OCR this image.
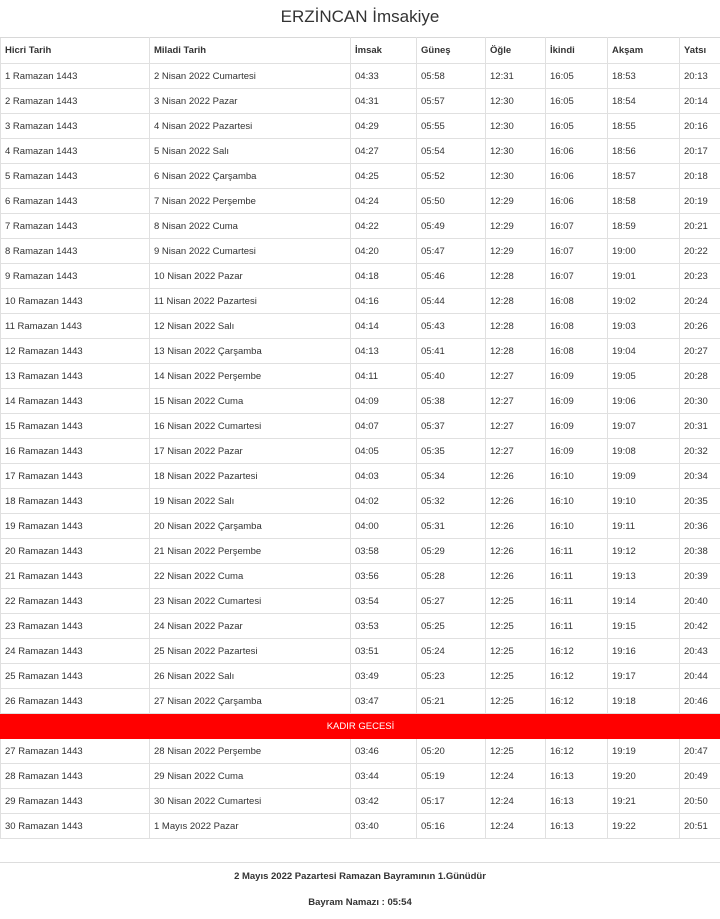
ERZİNCAN İmsakiye
Hicri Tarih	Miladi Tarih	İmsak	Güneş	Öğle	İkindi	Akşam	Yatsı
1 Ramazan 1443	2 Nisan 2022 Cumartesi	04:33	05:58	12:31	16:05	18:53	20:13
2 Ramazan 1443	3 Nisan 2022 Pazar	04:31	05:57	12:30	16:05	18:54	20:14
3 Ramazan 1443	4 Nisan 2022 Pazartesi	04:29	05:55	12:30	16:05	18:55	20:16
4 Ramazan 1443	5 Nisan 2022 Salı	04:27	05:54	12:30	16:06	18:56	20:17
5 Ramazan 1443	6 Nisan 2022 Çarşamba	04:25	05:52	12:30	16:06	18:57	20:18
6 Ramazan 1443	7 Nisan 2022 Perşembe	04:24	05:50	12:29	16:06	18:58	20:19
7 Ramazan 1443	8 Nisan 2022 Cuma	04:22	05:49	12:29	16:07	18:59	20:21
8 Ramazan 1443	9 Nisan 2022 Cumartesi	04:20	05:47	12:29	16:07	19:00	20:22
9 Ramazan 1443	10 Nisan 2022 Pazar	04:18	05:46	12:28	16:07	19:01	20:23
10 Ramazan 1443	11 Nisan 2022 Pazartesi	04:16	05:44	12:28	16:08	19:02	20:24
11 Ramazan 1443	12 Nisan 2022 Salı	04:14	05:43	12:28	16:08	19:03	20:26
12 Ramazan 1443	13 Nisan 2022 Çarşamba	04:13	05:41	12:28	16:08	19:04	20:27
13 Ramazan 1443	14 Nisan 2022 Perşembe	04:11	05:40	12:27	16:09	19:05	20:28
14 Ramazan 1443	15 Nisan 2022 Cuma	04:09	05:38	12:27	16:09	19:06	20:30
15 Ramazan 1443	16 Nisan 2022 Cumartesi	04:07	05:37	12:27	16:09	19:07	20:31
16 Ramazan 1443	17 Nisan 2022 Pazar	04:05	05:35	12:27	16:09	19:08	20:32
17 Ramazan 1443	18 Nisan 2022 Pazartesi	04:03	05:34	12:26	16:10	19:09	20:34
18 Ramazan 1443	19 Nisan 2022 Salı	04:02	05:32	12:26	16:10	19:10	20:35
19 Ramazan 1443	20 Nisan 2022 Çarşamba	04:00	05:31	12:26	16:10	19:11	20:36
20 Ramazan 1443	21 Nisan 2022 Perşembe	03:58	05:29	12:26	16:11	19:12	20:38
21 Ramazan 1443	22 Nisan 2022 Cuma	03:56	05:28	12:26	16:11	19:13	20:39
22 Ramazan 1443	23 Nisan 2022 Cumartesi	03:54	05:27	12:25	16:11	19:14	20:40
23 Ramazan 1443	24 Nisan 2022 Pazar	03:53	05:25	12:25	16:11	19:15	20:42
24 Ramazan 1443	25 Nisan 2022 Pazartesi	03:51	05:24	12:25	16:12	19:16	20:43
25 Ramazan 1443	26 Nisan 2022 Salı	03:49	05:23	12:25	16:12	19:17	20:44
26 Ramazan 1443	27 Nisan 2022 Çarşamba	03:47	05:21	12:25	16:12	19:18	20:46
KADIR GECESİ							
27 Ramazan 1443	28 Nisan 2022 Perşembe	03:46	05:20	12:25	16:12	19:19	20:47
28 Ramazan 1443	29 Nisan 2022 Cuma	03:44	05:19	12:24	16:13	19:20	20:49
29 Ramazan 1443	30 Nisan 2022 Cumartesi	03:42	05:17	12:24	16:13	19:21	20:50
30 Ramazan 1443	1 Mayıs 2022 Pazar	03:40	05:16	12:24	16:13	19:22	20:51
2 Mayıs 2022 Pazartesi Ramazan Bayramının 1.Günüdür
Bayram Namazı : 05:54
